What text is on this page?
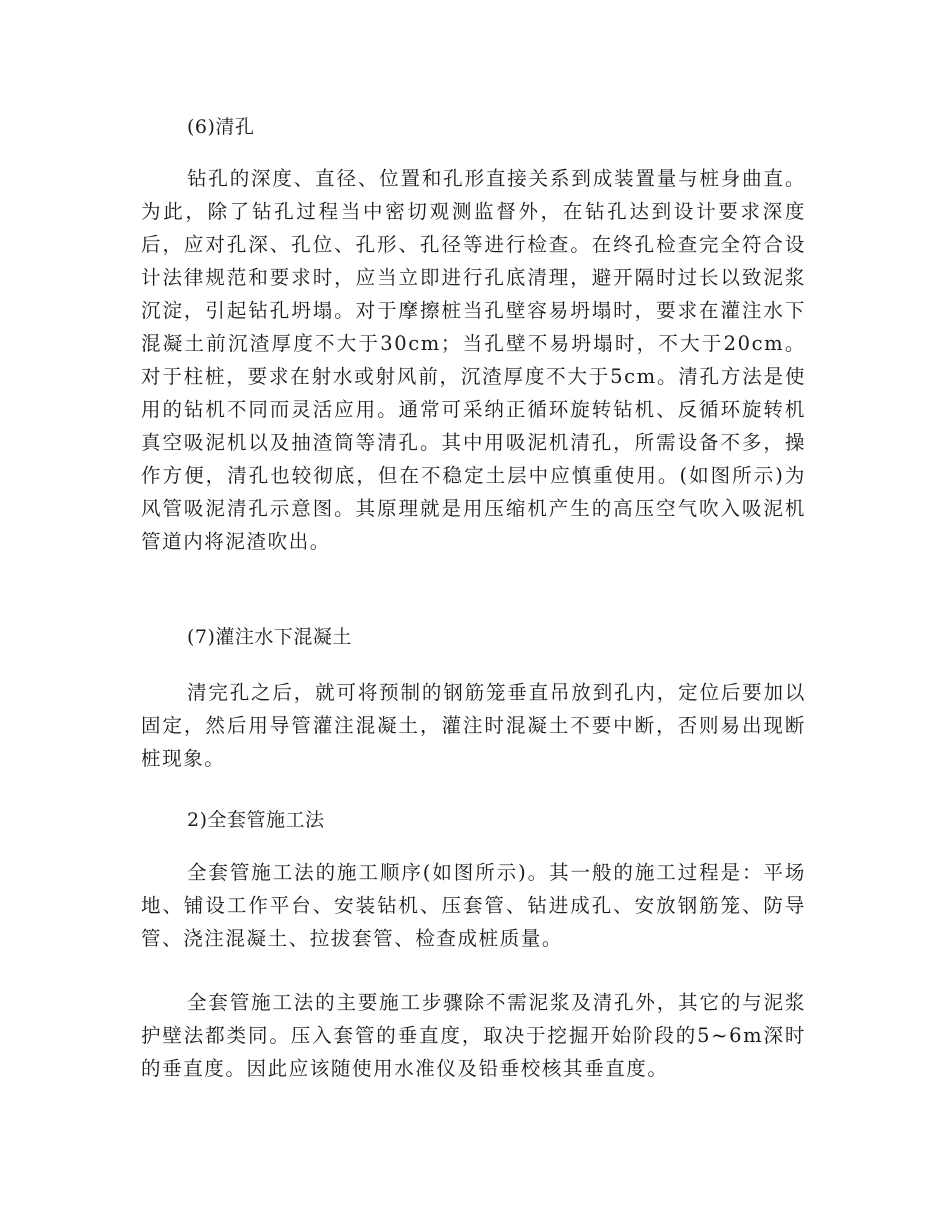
(6)清孔

钻孔的深度、直径、位置和孔形直接关系到成装置量与桩身曲直。为此，除了钻孔过程当中密切观测监督外，在钻孔达到设计要求深度后，应对孔深、孔位、孔形、孔径等进行检查。在终孔检查完全符合设计法律规范和要求时，应当立即进行孔底清理，避开隔时过长以致泥浆沉淀，引起钻孔坍塌。对于摩擦桩当孔壁容易坍塌时，要求在灌注水下混凝土前沉渣厚度不大于30cm；当孔壁不易坍塌时，不大于20cm。对于柱桩，要求在射水或射风前，沉渣厚度不大于5cm。清孔方法是使用的钻机不同而灵活应用。通常可采纳正循环旋转钻机、反循环旋转机真空吸泥机以及抽渣筒等清孔。其中用吸泥机清孔，所需设备不多，操作方便，清孔也较彻底，但在不稳定土层中应慎重使用。(如图所示)为风管吸泥清孔示意图。其原理就是用压缩机产生的高压空气吹入吸泥机管道内将泥渣吹出。

(7)灌注水下混凝土

清完孔之后，就可将预制的钢筋笼垂直吊放到孔内，定位后要加以固定，然后用导管灌注混凝土，灌注时混凝土不要中断，否则易出现断桩现象。

2)全套管施工法

全套管施工法的施工顺序(如图所示)。其一般的施工过程是：平场地、铺设工作平台、安装钻机、压套管、钻进成孔、安放钢筋笼、防导管、浇注混凝土、拉拔套管、检查成桩质量。

全套管施工法的主要施工步骤除不需泥浆及清孔外，其它的与泥浆护壁法都类同。压入套管的垂直度，取决于挖掘开始阶段的5~6m深时的垂直度。因此应该随使用水准仪及铅垂校核其垂直度。
